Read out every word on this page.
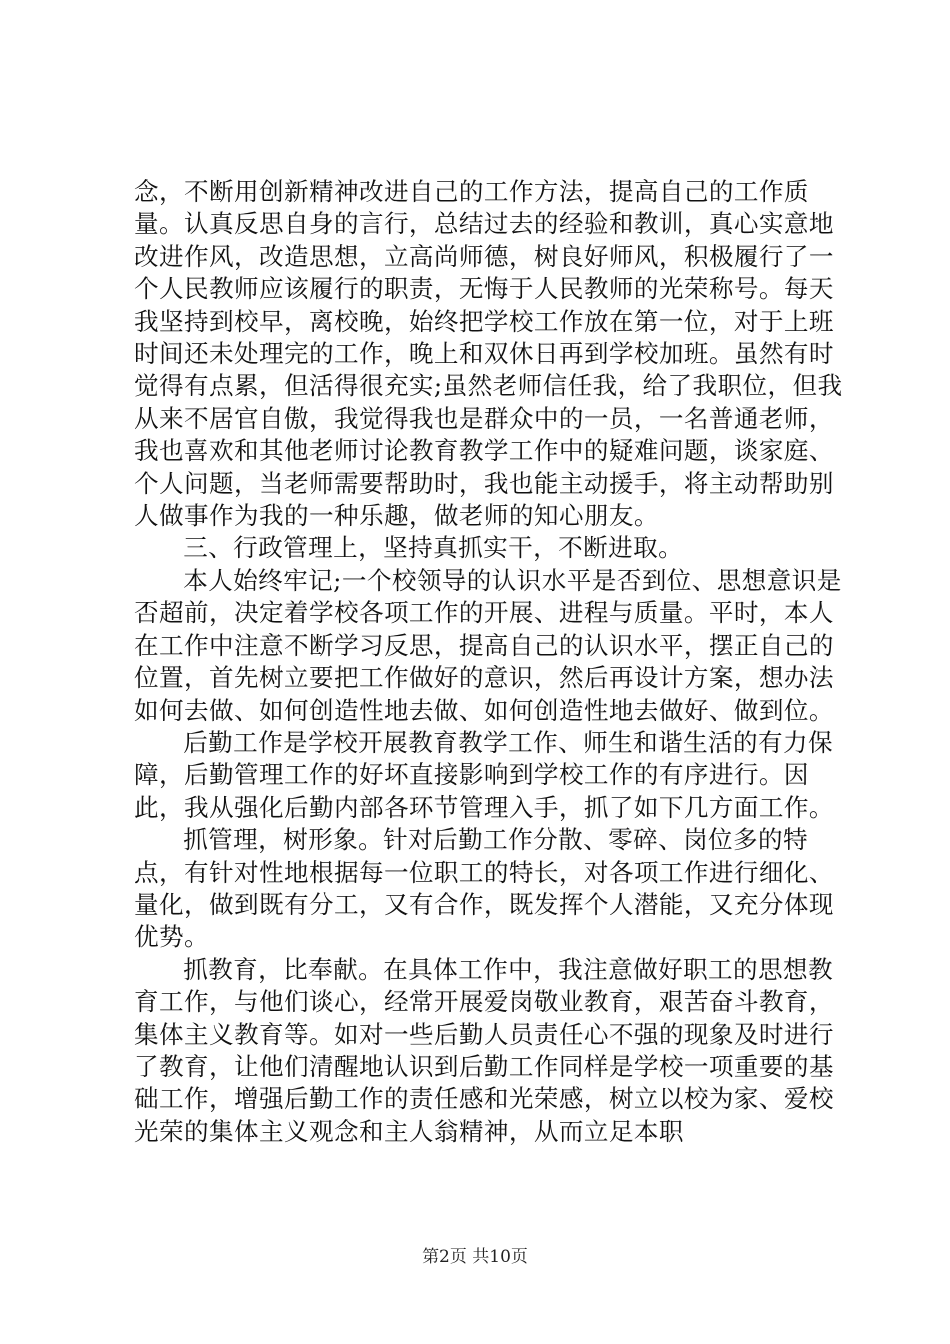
念，不断用创新精神改进自己的工作方法，提高自己的工作质量。认真反思自身的言行，总结过去的经验和教训，真心实意地改进作风，改造思想，立高尚师德，树良好师风，积极履行了一个人民教师应该履行的职责，无悔于人民教师的光荣称号。每天我坚持到校早，离校晚，始终把学校工作放在第一位，对于上班时间还未处理完的工作，晚上和双休日再到学校加班。虽然有时觉得有点累，但活得很充实;虽然老师信任我，给了我职位，但我从来不居官自傲，我觉得我也是群众中的一员，一名普通老师，我也喜欢和其他老师讨论教育教学工作中的疑难问题，谈家庭、个人问题，当老师需要帮助时，我也能主动援手，将主动帮助别人做事作为我的一种乐趣，做老师的知心朋友。

三、行政管理上，坚持真抓实干，不断进取。

本人始终牢记;一个校领导的认识水平是否到位、思想意识是否超前，决定着学校各项工作的开展、进程与质量。平时，本人在工作中注意不断学习反思，提高自己的认识水平，摆正自己的位置，首先树立要把工作做好的意识，然后再设计方案，想办法如何去做、如何创造性地去做、如何创造性地去做好、做到位。

后勤工作是学校开展教育教学工作、师生和谐生活的有力保障，后勤管理工作的好坏直接影响到学校工作的有序进行。因此，我从强化后勤内部各环节管理入手，抓了如下几方面工作。

抓管理，树形象。针对后勤工作分散、零碎、岗位多的特点，有针对性地根据每一位职工的特长，对各项工作进行细化、量化，做到既有分工，又有合作，既发挥个人潜能，又充分体现优势。

抓教育，比奉献。在具体工作中，我注意做好职工的思想教育工作，与他们谈心，经常开展爱岗敬业教育，艰苦奋斗教育，集体主义教育等。如对一些后勤人员责任心不强的现象及时进行了教育，让他们清醒地认识到后勤工作同样是学校一项重要的基础工作，增强后勤工作的责任感和光荣感，树立以校为家、爱校光荣的集体主义观念和主人翁精神，从而立足本职

第2页 共10页
